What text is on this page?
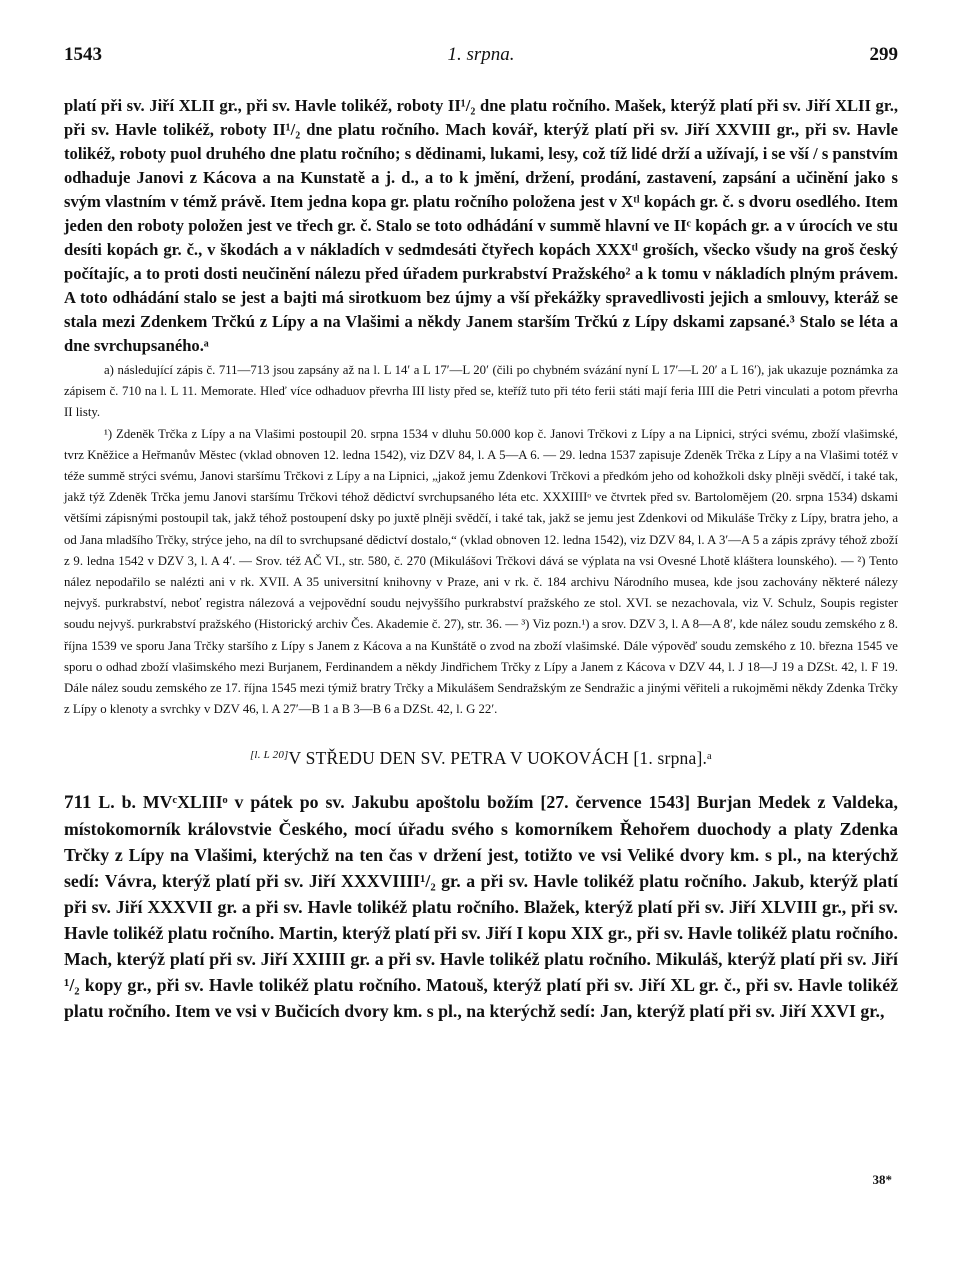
1543	1. srpna.	299
platí při sv. Jiří XLII gr., při sv. Havle tolikéž, roboty II¹/₂ dne platu ročního. Mašek, kterýž platí při sv. Jiří XLII gr., při sv. Havle tolikéž, roboty II¹/₂ dne platu ročního. Mach kovář, kterýž platí při sv. Jiří XXVIII gr., při sv. Havle tolikéž, roboty puol druhého dne platu ročního; s dědinami, lukami, lesy, což tíž lidé drží a užívají, i se vší / s panstvím odhaduje Janovi z Kácova a na Kunstatě a j. d., a to k jmění, držení, prodání, zastavení, zapsání a učinění jako s svým vlastním v témž právě. Item jedna kopa gr. platu ročního položena jest v Xᵗˡ kopách gr. č. s dvoru osedlého. Item jeden den roboty položen jest ve třech gr. č. Stalo se toto odhádání v summě hlavní ve IIᶜ kopách gr. a v úrocích ve stu desíti kopách gr. č., v škodách a v nákladích v sedmdesáti čtyřech kopách XXXᵗˡ groších, všecko všudy na groš český počítajíc, a to proti dosti neučinění nálezu před úřadem purkrabství Pražského² a k tomu v nákladích plným právem. A toto odhádání stalo se jest a bajti má sirotkuom bez újmy a vší překážky spravedlivosti jejich a smlouvy, kteráž se stala mezi Zdenkem Trčkú z Lípy a na Vlašimi a někdy Janem starším Trčkú z Lípy dskami zapsané.³ Stalo se léta a dne svrchupsaného.ᵃ

a) následující zápis č. 711—713 jsou zapsány až na l. L 14′ a L 17′—L 20′ (čili po chybném svázání nyní L 17′—L 20′ a L 16′), jak ukazuje poznámka za zápisem č. 710 na l. L 11. Memorate. Hleď více odhaduov převrha III listy před se, kteříž tuto při této ferii státi mají feria IIII die Petri vinculati a potom převrha II listy.

¹) Zdeněk Trčka z Lípy a na Vlašimi postoupil 20. srpna 1534 v dluhu 50.000 kop č. Janovi Trčkovi z Lípy a na Lipnici, strýci svému, zboží vlašimské, tvrz Kněžice a Heřmanův Městec (vklad obnoven 12. ledna 1542), viz DZV 84, l. A 5—A 6. — 29. ledna 1537 zapisuje Zdeněk Trčka z Lípy a na Vlašimi totéž v téže summě strýci svému, Janovi staršímu Trčkovi z Lípy a na Lipnici, „jakož jemu Zdenkovi Trčkovi a předkóm jeho od kohožkoli dsky plněji svědčí, i také tak, jakž týž Zdeněk Trčka jemu Janovi staršímu Trčkovi téhož dědictví svrchupsaného léta etc. XXXIIIIᵒ ve čtvrtek před sv. Bartolomějem (20. srpna 1534) dskami většími zápisnými postoupil tak, jakž téhož postoupení dsky po juxtě plněji svědčí, i také tak, jakž se jemu jest Zdenkovi od Mikuláše Trčky z Lípy, bratra jeho, a od Jana mladšího Trčky, strýce jeho, na díl to svrchupsané dědictví dostalo,“ (vklad obnoven 12. ledna 1542), viz DZV 84, l. A 3′—A 5 a zápis zprávy téhož zboží z 9. ledna 1542 v DZV 3, l. A 4′. — Srov. též AČ VI., str. 580, č. 270 (Mikulášovi Trčkovi dává se výplata na vsi Ovesné Lhotě kláštera lounského). — ²) Tento nález nepodařilo se nalézti ani v rk. XVII. A 35 universitní knihovny v Praze, ani v rk. č. 184 archivu Národního musea, kde jsou zachovány některé nálezy nejvyš. purkrabství, neboť registra nálezová a vejpovědní soudu nejvyššího purkrabství pražského ze stol. XVI. se nezachovala, viz V. Schulz, Soupis register soudu nejvyš. purkrabství pražského (Historický archiv Čes. Akademie č. 27), str. 36. — ³) Viz pozn.¹) a srov. DZV 3, l. A 8—A 8′, kde nález soudu zemského z 8. října 1539 ve sporu Jana Trčky staršího z Lípy s Janem z Kácova a na Kunštátě o zvod na zboží vlašimské. Dále výpověď soudu zemského z 10. března 1545 ve sporu o odhad zboží vlašimského mezi Burjanem, Ferdinandem a někdy Jindřichem Trčky z Lípy a Janem z Kácova v DZV 44, l. J 18—J 19 a DZSt. 42, l. F 19. Dále nález soudu zemského ze 17. října 1545 mezi týmiž bratry Trčky a Mikulášem Sendražským ze Sendražic a jinými věřiteli a rukojměmi někdy Zdenka Trčky z Lípy o klenoty a svrchky v DZV 46, l. A 27′—B 1 a B 3—B 6 a DZSt. 42, l. G 22′.

[l. L 20]V STŘEDU DEN SV. PETRA V UOKOVÁCH [1. srpna].ᵃ
711 L. b. MVᶜXLIIIᵒ v pátek po sv. Jakubu apoštolu božím [27. července 1543] Burjan Medek z Valdeka, místokomorník královstvie Českého, mocí úřadu svého s komorníkem Řehořem duochody a platy Zdenka Trčky z Lípy na Vlašimi, kterýchž na ten čas v držení jest, totižto ve vsi Veliké dvory km. s pl., na kterýchž sedí: Vávra, kterýž platí při sv. Jiří XXXVIIII¹/₂ gr. a při sv. Havle tolikéž platu ročního. Jakub, kterýž platí při sv. Jiří XXXVII gr. a při sv. Havle tolikéž platu ročního. Blažek, kterýž platí při sv. Jiří XLVIII gr., při sv. Havle tolikéž platu ročního. Martin, kterýž platí při sv. Jiří I kopu XIX gr., při sv. Havle tolikéž platu ročního. Mach, kterýž platí při sv. Jiří XXIIII gr. a při sv. Havle tolikéž platu ročního. Mikuláš, kterýž platí při sv. Jiří ¹/₂ kopy gr., při sv. Havle tolikéž platu ročního. Matouš, kterýž platí při sv. Jiří XL gr. č., při sv. Havle tolikéž platu ročního. Item ve vsi v Bučicích dvory km. s pl., na kterýchž sedí: Jan, kterýž platí při sv. Jiří XXVI gr.,
38*
